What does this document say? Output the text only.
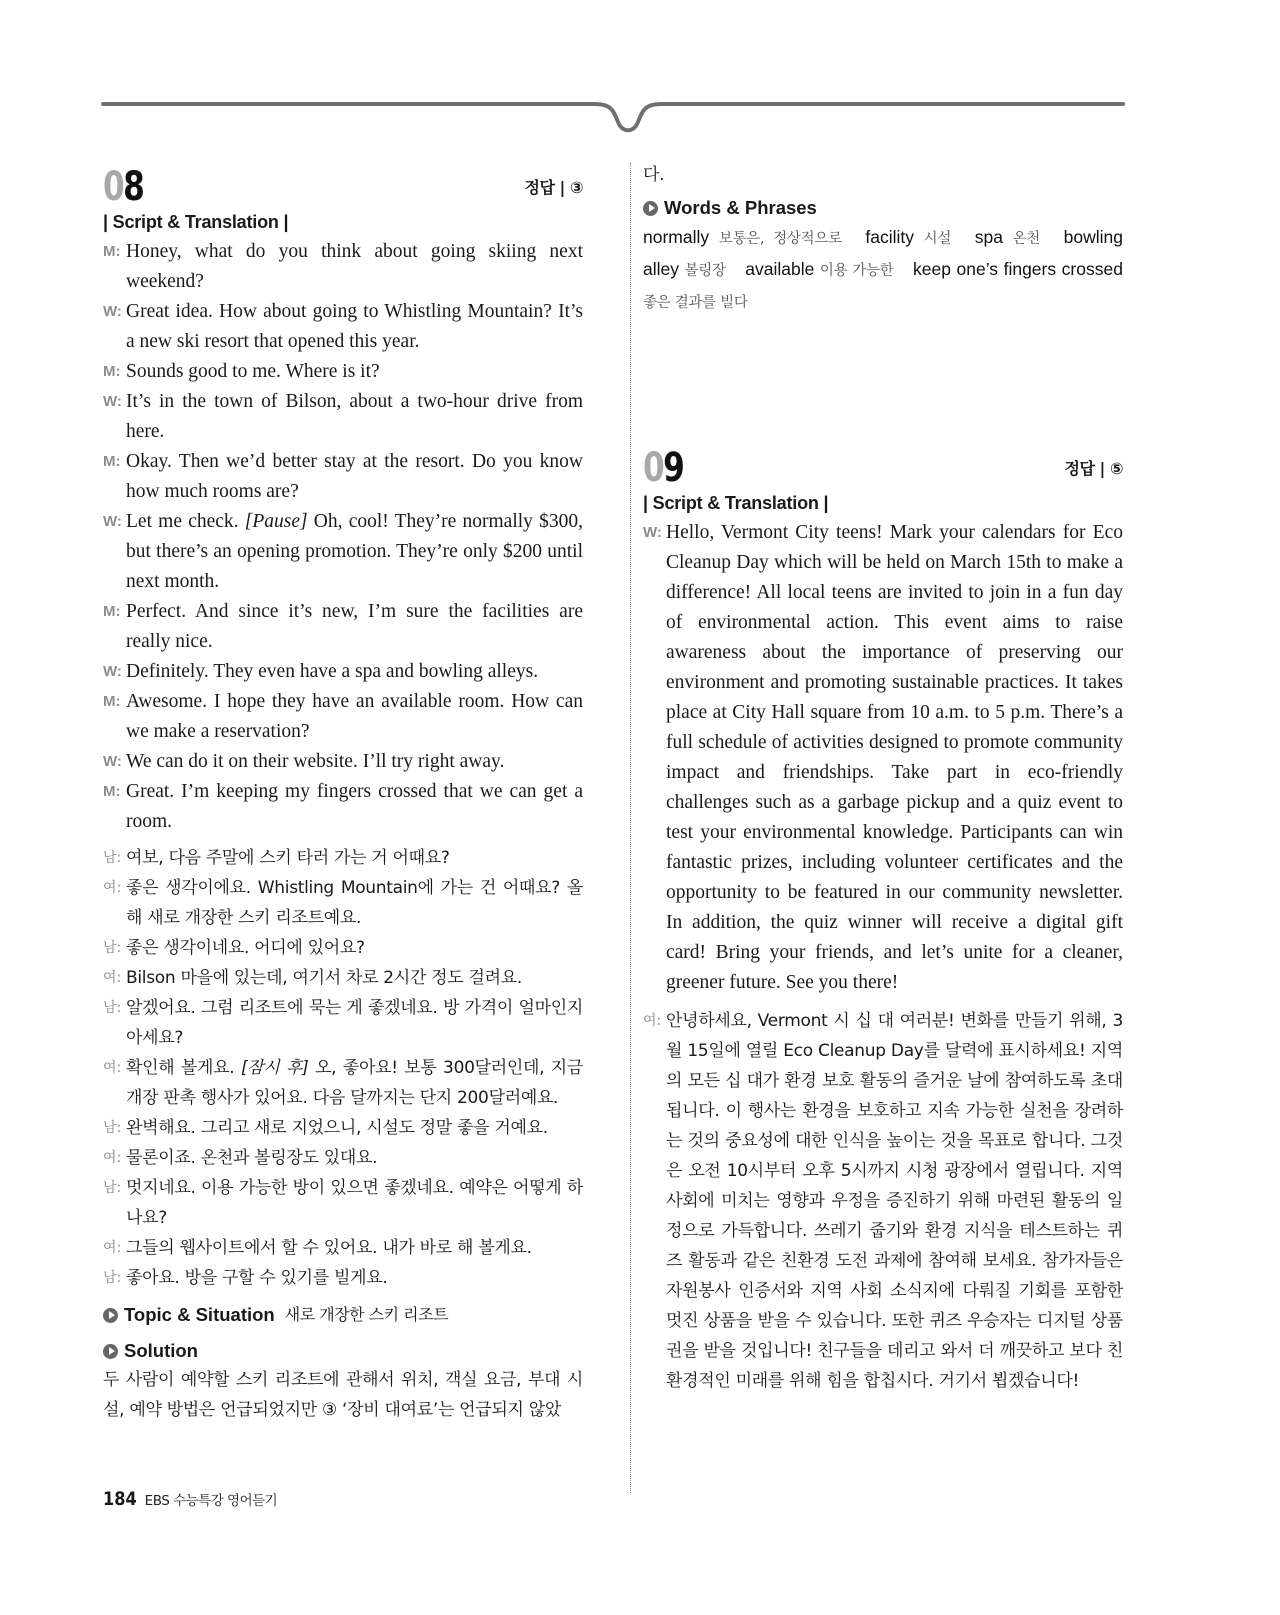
08	정답 | ③
| Script & Translation |
M: Honey, what do you think about going skiing next weekend?
W: Great idea. How about going to Whistling Mountain? It’s a new ski resort that opened this year.
M: Sounds good to me. Where is it?
W: It’s in the town of Bilson, about a two-hour drive from here.
M: Okay. Then we’d better stay at the resort. Do you know how much rooms are?
W: Let me check. [Pause] Oh, cool! They’re normally $300, but there’s an opening promotion. They’re only $200 until next month.
M: Perfect. And since it’s new, I’m sure the facilities are really nice.
W: Definitely. They even have a spa and bowling alleys.
M: Awesome. I hope they have an available room. How can we make a reservation?
W: We can do it on their website. I’ll try right away.
M: Great. I’m keeping my fingers crossed that we can get a room.
남: 여보, 다음 주말에 스키 타러 가는 거 어때요?
여: 좋은 생각이에요. Whistling Mountain에 가는 건 어때요? 올해 새로 개장한 스키 리조트예요.
남: 좋은 생각이네요. 어디에 있어요?
여: Bilson 마을에 있는데, 여기서 차로 2시간 정도 걸려요.
남: 알겠어요. 그럼 리조트에 묵는 게 좋겠네요. 방 가격이 얼마인지 아세요?
여: 확인해 볼게요. [잠시 후] 오, 좋아요! 보통 300달러인데, 지금 개장 판촉 행사가 있어요. 다음 달까지는 단지 200달러예요.
남: 완벽해요. 그리고 새로 지었으니, 시설도 정말 좋을 거예요.
여: 물론이죠. 온천과 볼링장도 있대요.
남: 멋지네요. 이용 가능한 방이 있으면 좋겠네요. 예약은 어떻게 하나요?
여: 그들의 웹사이트에서 할 수 있어요. 내가 바로 해 볼게요.
남: 좋아요. 방을 구할 수 있기를 빌게요.
Topic & Situation 새로 개장한 스키 리조트
Solution
두 사람이 예약할 스키 리조트에 관해서 위치, 객실 요금, 부대 시설, 예약 방법은 언급되었지만 ③ ‘장비 대여료’는 언급되지 않았
다.
Words & Phrases
normally 보통은, 정상적으로 facility 시설 spa 온천 bowling alley 볼링장 available 이용 가능한 keep one’s fingers crossed 좋은 결과를 빌다
09	정답 | ⑤
| Script & Translation |
W: Hello, Vermont City teens! Mark your calendars for Eco Cleanup Day which will be held on March 15th to make a difference! All local teens are invited to join in a fun day of environmental action. This event aims to raise awareness about the importance of preserving our environment and promoting sustainable practices. It takes place at City Hall square from 10 a.m. to 5 p.m. There’s a full schedule of activities designed to promote community impact and friendships. Take part in eco-friendly challenges such as a garbage pickup and a quiz event to test your environmental knowledge. Participants can win fantastic prizes, including volunteer certificates and the opportunity to be featured in our community newsletter. In addition, the quiz winner will receive a digital gift card! Bring your friends, and let’s unite for a cleaner, greener future. See you there!
여: 안녕하세요, Vermont 시 십 대 여러분! 변화를 만들기 위해, 3월 15일에 열릴 Eco Cleanup Day를 달력에 표시하세요! 지역의 모든 십 대가 환경 보호 활동의 즐거운 날에 참여하도록 초대됩니다. 이 행사는 환경을 보호하고 지속 가능한 실천을 장려하는 것의 중요성에 대한 인식을 높이는 것을 목표로 합니다. 그것은 오전 10시부터 오후 5시까지 시청 광장에서 열립니다. 지역 사회에 미치는 영향과 우정을 증진하기 위해 마련된 활동의 일정으로 가득합니다. 쓰레기 줍기와 환경 지식을 테스트하는 퀴즈 활동과 같은 친환경 도전 과제에 참여해 보세요. 참가자들은 자원봉사 인증서와 지역 사회 소식지에 다뤄질 기회를 포함한 멋진 상품을 받을 수 있습니다. 또한 퀴즈 우승자는 디지털 상품권을 받을 것입니다! 친구들을 데리고 와서 더 깨끗하고 보다 친환경적인 미래를 위해 힘을 합칩시다. 거기서 뵙겠습니다!
184 EBS 수능특강 영어듣기
